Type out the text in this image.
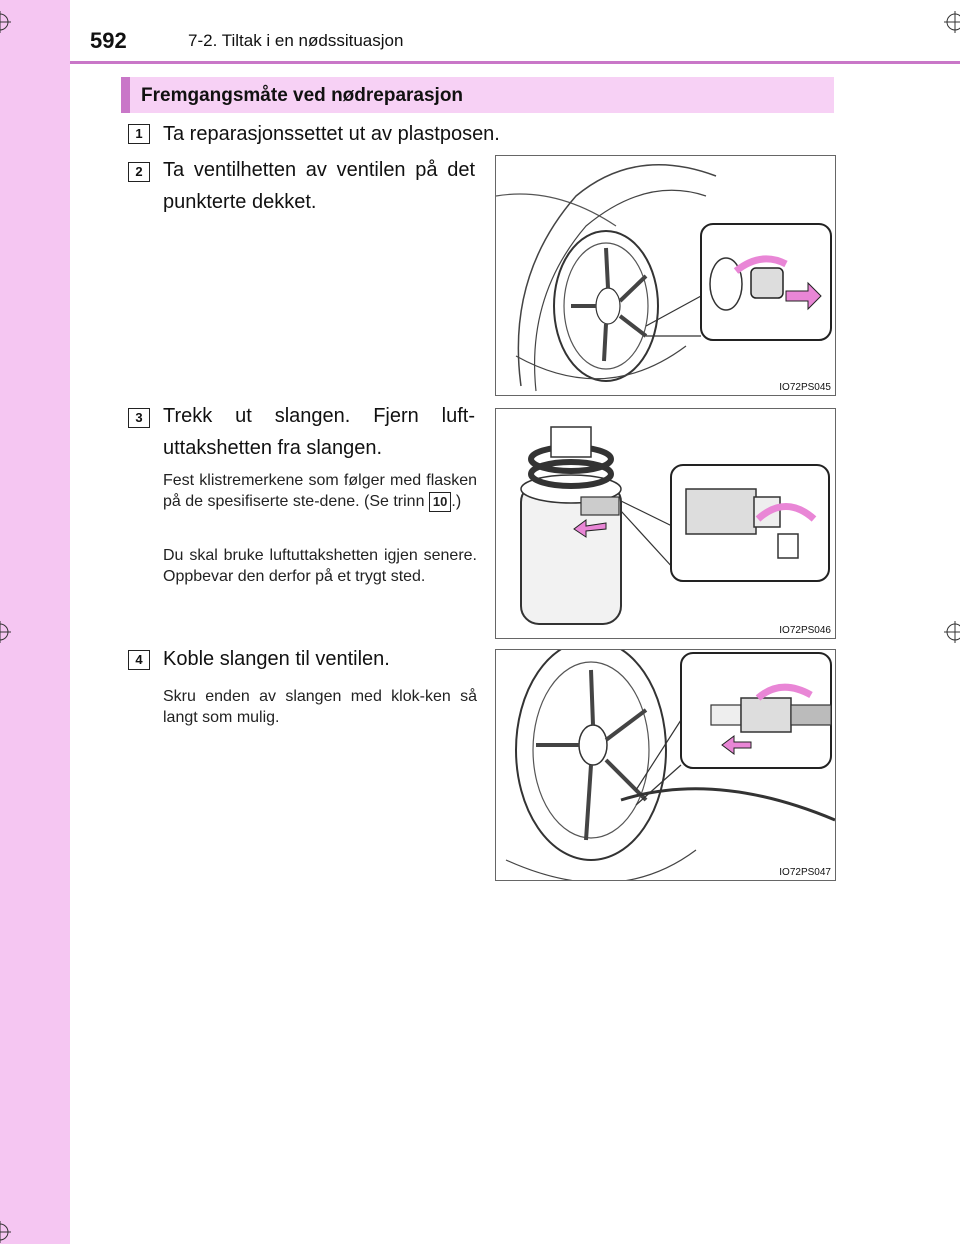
592	7-2. Tiltak i en nødssituasjon
Fremgangsmåte ved nødreparasjon
1	Ta reparasjonssettet ut av plastposen.
2	Ta ventilhetten av ventilen på det punkterte dekket.
IO72PS045
3	Trekk ut slangen. Fjern luft-uttakshetten fra slangen.
Fest klistremerkene som følger med flasken på de spesifiserte ste-dene. (Se trinn 10 .)
Du skal bruke luftuttakshetten igjen senere. Oppbevar den derfor på et trygt sted.
IO72PS046
4	Koble slangen til ventilen.
Skru enden av slangen med klok-ken så langt som mulig.
IO72PS047
